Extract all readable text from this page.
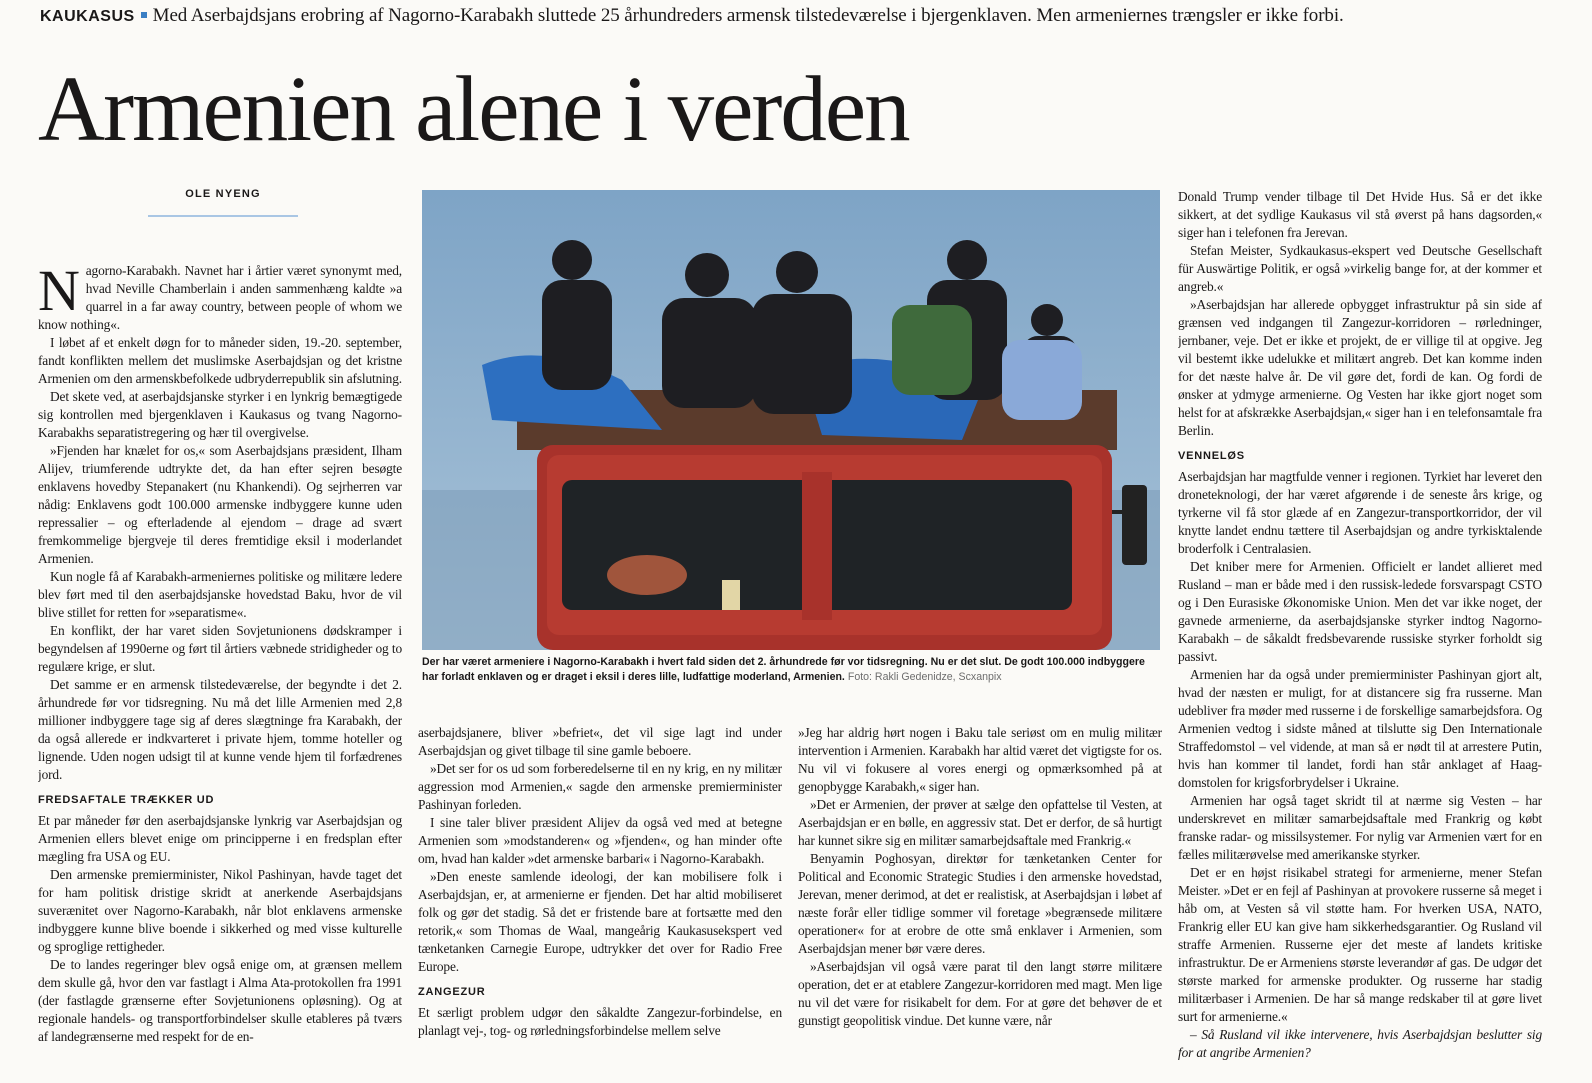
KAUKASUS Med Aserbajdsjans erobring af Nagorno-Karabakh sluttede 25 århundreders armensk tilstedeværelse i bjergenklaven. Men armeniernes trængsler er ikke forbi.
Armenien alene i verden
OLE NYENG

Nagorno-Karabakh. Navnet har i årtier været synonymt med, hvad Neville Chamberlain i anden sammenhæng kaldte »a quarrel in a far away country, between people of whom we know nothing«.

I løbet af et enkelt døgn for to måneder siden, 19.-20. september, fandt konflikten mellem det muslimske Aserbajdsjan og det kristne Armenien om den armenskbefolkede udbryderrepublik sin afslutning.

Det skete ved, at aserbajdsjanske styrker i en lynkrig bemægtigede sig kontrollen med bjergenklaven i Kaukasus og tvang Nagorno-Karabakhs separatistregering og hær til overgivelse.

»Fjenden har knælet for os,« som Aserbajdsjans præsident, Ilham Alijev, triumferende udtrykte det, da han efter sejren besøgte enklavens hovedby Stepanakert (nu Khankendi). Og sejrherren var nådig: Enklavens godt 100.000 armenske indbyggere kunne uden repressalier – og efterladende al ejendom – drage ad svært fremkommelige bjergveje til deres fremtidige eksil i moderlandet Armenien.

Kun nogle få af Karabakh-armeniernes politiske og militære ledere blev ført med til den aserbajdsjanske hovedstad Baku, hvor de vil blive stillet for retten for »separatisme«.

En konflikt, der har varet siden Sovjetunionens dødskramper i begyndelsen af 1990erne og ført til årtiers væbnede stridigheder og to regulære krige, er slut.

Det samme er en armensk tilstedeværelse, der begyndte i det 2. århundrede før vor tidsregning. Nu må det lille Armenien med 2,8 millioner indbyggere tage sig af deres slægtninge fra Karabakh, der da også allerede er indkvarteret i private hjem, tomme hoteller og lignende. Uden nogen udsigt til at kunne vende hjem til forfædrenes jord.

FREDSAFTALE TRÆKKER UD

Et par måneder før den aserbajdsjanske lynkrig var Aserbajdsjan og Armenien ellers blevet enige om principperne i en fredsplan efter mægling fra USA og EU.

Den armenske premierminister, Nikol Pashinyan, havde taget det for ham politisk dristige skridt at anerkende Aserbajdsjans suverænitet over Nagorno-Karabakh, når blot enklavens armenske indbyggere kunne blive boende i sikkerhed og med visse kulturelle og sproglige rettigheder.

De to landes regeringer blev også enige om, at grænsen mellem dem skulle gå, hvor den var fastlagt i Alma Ata-protokollen fra 1991 (der fastlagde grænserne efter Sovjetunionens opløsning). Og at regionale handels- og transportforbindelser skulle etableres på tværs af landegrænserne med respekt for de en-

Der har været armeniere i Nagorno-Karabakh i hvert fald siden det 2. århundrede før vor tidsregning. Nu er det slut. De godt 100.000 indbyggere har forladt enklaven og er draget i eksil i deres lille, ludfattige moderland, Armenien. Foto: Rakli Gedenidze, Scxanpix

aserbajdsjanere, bliver »befriet«, det vil sige lagt ind under Aserbajdsjan og givet tilbage til sine gamle beboere.

»Det ser for os ud som forberedelserne til en ny krig, en ny militær aggression mod Armenien,« sagde den armenske premierminister Pashinyan forleden.

I sine taler bliver præsident Alijev da også ved med at betegne Armenien som »modstanderen« og »fjenden«, og han minder ofte om, hvad han kalder »det armenske barbari« i Nagorno-Karabakh.

»Den eneste samlende ideologi, der kan mobilisere folk i Aserbajdsjan, er, at armenierne er fjenden. Det har altid mobiliseret folk og gør det stadig. Så det er fristende bare at fortsætte med den retorik,« som Thomas de Waal, mangeårig Kaukasusekspert ved tænketanken Carnegie Europe, udtrykker det over for Radio Free Europe.

ZANGEZUR

Et særligt problem udgør den såkaldte Zangezur-forbindelse, en planlagt vej-, tog- og rørledningsforbindelse mellem selve

»Jeg har aldrig hørt nogen i Baku tale seriøst om en mulig militær intervention i Armenien. Karabakh har altid været det vigtigste for os. Nu vil vi fokusere al vores energi og opmærksomhed på at genopbygge Karabakh,« siger han.

»Det er Armenien, der prøver at sælge den opfattelse til Vesten, at Aserbajdsjan er en bølle, en aggressiv stat. Det er derfor, de så hurtigt har kunnet sikre sig en militær samarbejdsaftale med Frankrig.«

Benyamin Poghosyan, direktør for tænketanken Center for Political and Economic Strategic Studies i den armenske hovedstad, Jerevan, mener derimod, at det er realistisk, at Aserbajdsjan i løbet af næste forår eller tidlige sommer vil foretage »begrænsede militære operationer« for at erobre de otte små enklaver i Armenien, som Aserbajdsjan mener bør være deres.

»Aserbajdsjan vil også være parat til den langt større militære operation, det er at etablere Zangezur-korridoren med magt. Men lige nu vil det være for risikabelt for dem. For at gøre det behøver de et gunstigt geopolitisk vindue. Det kunne være, når

Donald Trump vender tilbage til Det Hvide Hus. Så er det ikke sikkert, at det sydlige Kaukasus vil stå øverst på hans dagsorden,« siger han i telefonen fra Jerevan.

Stefan Meister, Sydkaukasus-ekspert ved Deutsche Gesellschaft für Auswärtige Politik, er også »virkelig bange for, at der kommer et angreb.«

»Aserbajdsjan har allerede opbygget infrastruktur på sin side af grænsen ved indgangen til Zangezur-korridoren – rørledninger, jernbaner, veje. Det er ikke et projekt, de er villige til at opgive. Jeg vil bestemt ikke udelukke et militært angreb. Det kan komme inden for det næste halve år. De vil gøre det, fordi de kan. Og fordi de ønsker at ydmyge armenierne. Og Vesten har ikke gjort noget som helst for at afskrække Aserbajdsjan,« siger han i en telefonsamtale fra Berlin.

VENNELØS

Aserbajdsjan har magtfulde venner i regionen. Tyrkiet har leveret den droneteknologi, der har været afgørende i de seneste års krige, og tyrkerne vil få stor glæde af en Zangezur-transportkorridor, der vil knytte landet endnu tættere til Aserbajdsjan og andre tyrkisktalende broderfolk i Centralasien.

Det kniber mere for Armenien. Officielt er landet allieret med Rusland – man er både med i den russisk-ledede forsvarspagt CSTO og i Den Eurasiske Økonomiske Union. Men det var ikke noget, der gavnede armenierne, da aserbajdsjanske styrker indtog Nagorno-Karabakh – de såkaldt fredsbevarende russiske styrker forholdt sig passivt.

Armenien har da også under premierminister Pashinyan gjort alt, hvad der næsten er muligt, for at distancere sig fra russerne. Man udebliver fra møder med russerne i de forskellige samarbejdsfora. Og Armenien vedtog i sidste måned at tilslutte sig Den Internationale Straffedomstol – vel vidende, at man så er nødt til at arrestere Putin, hvis han kommer til landet, fordi han står anklaget af Haag-domstolen for krigsforbrydelser i Ukraine.

Armenien har også taget skridt til at nærme sig Vesten – har underskrevet en militær samarbejdsaftale med Frankrig og købt franske radar- og missilsystemer. For nylig var Armenien vært for en fælles militærøvelse med amerikanske styrker.

Det er en højst risikabel strategi for armenierne, mener Stefan Meister. »Det er en fejl af Pashinyan at provokere russerne så meget i håb om, at Vesten så vil støtte ham. For hverken USA, NATO, Frankrig eller EU kan give ham sikkerhedsgarantier. Og Rusland vil straffe Armenien. Russerne ejer det meste af landets kritiske infrastruktur. De er Armeniens største leverandør af gas. De udgør det største marked for armenske produkter. Og russerne har stadig militærbaser i Armenien. De har så mange redskaber til at gøre livet surt for armenierne.«

– Så Rusland vil ikke intervenere, hvis Aserbajdsjan beslutter sig for at angribe Armenien?
